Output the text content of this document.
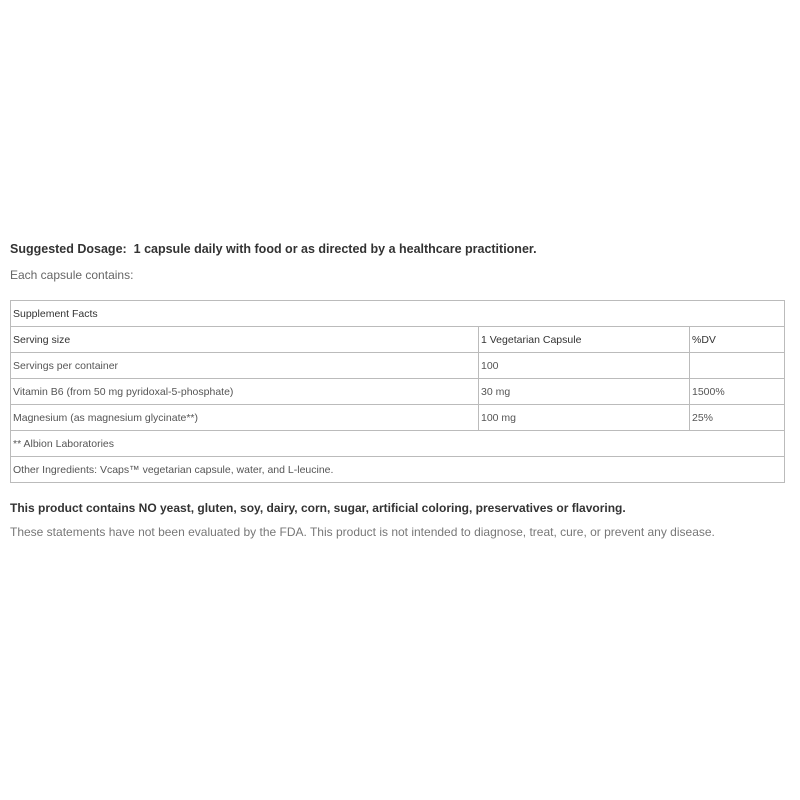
Suggested Dosage: 1 capsule daily with food or as directed by a healthcare practitioner.

Each capsule contains:

Supplement Facts		
Serving size	1 Vegetarian Capsule	%DV
Servings per container	100	
Vitamin B6 (from 50 mg pyridoxal-5-phosphate)	30 mg	1500%
Magnesium (as magnesium glycinate**)	100 mg	25%
** Albion Laboratories		
Other Ingredients: Vcaps™ vegetarian capsule, water, and L-leucine.		

This product contains NO yeast, gluten, soy, dairy, corn, sugar, artificial coloring, preservatives or flavoring.

These statements have not been evaluated by the FDA. This product is not intended to diagnose, treat, cure, or prevent any disease.
